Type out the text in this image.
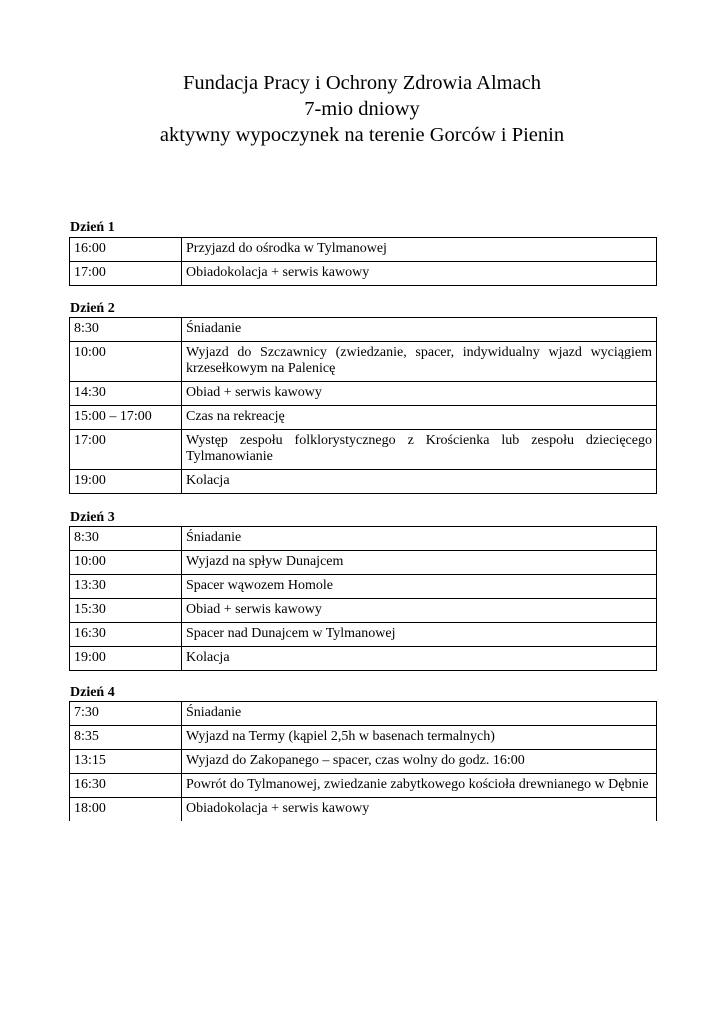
Fundacja Pracy i Ochrony Zdrowia Almach
7-mio dniowy
aktywny wypoczynek na terenie Gorców i Pienin
Dzień 1
16:00	Przyjazd do ośrodka w Tylmanowej
17:00	Obiadokolacja + serwis kawowy
Dzień 2
8:30	Śniadanie
10:00	Wyjazd do Szczawnicy (zwiedzanie, spacer, indywidualny wjazd wyciągiem krzesełkowym na Palenicę
14:30	Obiad + serwis kawowy
15:00 – 17:00	Czas na rekreację
17:00	Występ zespołu folklorystycznego z Krościenka lub zespołu dziecięcego Tylmanowianie
19:00	Kolacja
Dzień 3
8:30	Śniadanie
10:00	Wyjazd na spływ Dunajcem
13:30	Spacer wąwozem Homole
15:30	Obiad + serwis kawowy
16:30	Spacer nad Dunajcem w Tylmanowej
19:00	Kolacja
Dzień 4
7:30	Śniadanie
8:35	Wyjazd na Termy (kąpiel 2,5h w basenach termalnych)
13:15	Wyjazd do Zakopanego – spacer, czas wolny do godz. 16:00
16:30	Powrót do Tylmanowej, zwiedzanie zabytkowego kościoła drewnianego w Dębnie
18:00	Obiadokolacja + serwis kawowy
